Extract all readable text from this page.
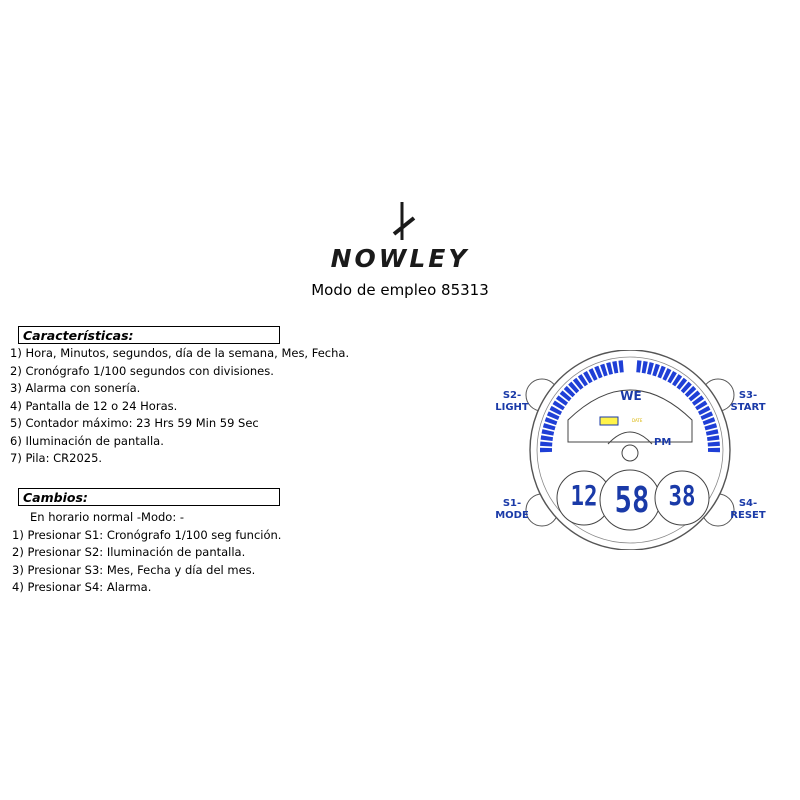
NOWLEY
Modo de empleo 85313
Características:
1) Hora, Minutos, segundos, día de la semana, Mes, Fecha.
2) Cronógrafo 1/100 segundos con divisiones.
3) Alarma con sonería.
4) Pantalla de 12 o 24 Horas.
5) Contador máximo: 23 Hrs 59 Min 59 Sec
6) Iluminación de pantalla.
7) Pila: CR2025.
Cambios:
En horario normal -Modo: -
1) Presionar S1: Cronógrafo 1/100 seg función.
2) Presionar S2: Iluminación de pantalla.
3) Presionar S3: Mes, Fecha y día del mes.
4) Presionar S4: Alarma.
S2-
LIGHT
S3-
START
S1-
MODE
S4-
RESET
WE
PM
DATE
12 58 38
